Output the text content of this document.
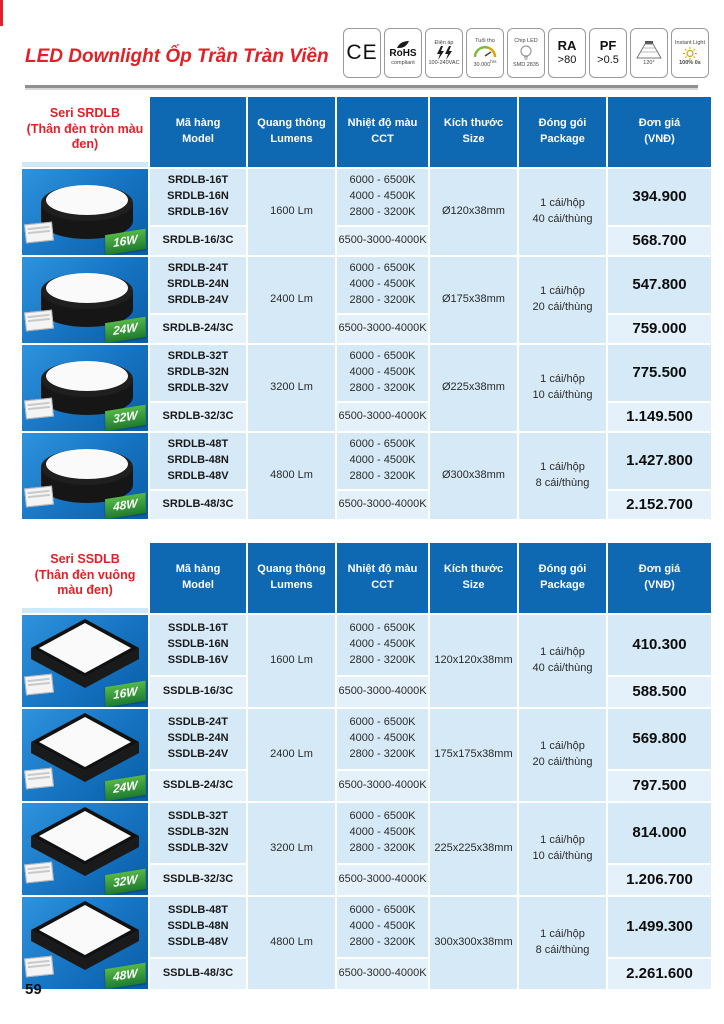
LED Downlight Ốp Trần Tràn Viền CE RoHS
compliant
Điện áp
100-240VAC
Tuổi thọ
$30.000^{hrs}$
Chip LED
SMD 2835
RA
>80
PF
>0.5	120°
Instant Light
100% 0s
Seri SRDLB
(Thân đèn tròn màu đen)
Mã hàng
Model
Quang thông
Lumens
Nhiệt độ màu
CCT
Kích thước
Size
Đóng gói
Package
Đơn giá
(VNĐ)
16W
SRDLB-16T
SRDLB-16N
SRDLB-16V
SRDLB-16/3C
1600 Lm
6000 - 6500K
4000 - 4500K
2800 - 3200K
6500-3000-4000K
Ø120x38mm
1 cái/hộp
40 cái/thùng
394.900
568.700
24W
SRDLB-24T
SRDLB-24N
SRDLB-24V
SRDLB-24/3C
2400 Lm
6000 - 6500K
4000 - 4500K
2800 - 3200K
6500-3000-4000K
Ø175x38mm
1 cái/hộp
20 cái/thùng
547.800
759.000
32W
SRDLB-32T
SRDLB-32N
SRDLB-32V
SRDLB-32/3C
3200 Lm
6000 - 6500K
4000 - 4500K
2800 - 3200K
6500-3000-4000K
Ø225x38mm
1 cái/hộp
10 cái/thùng
775.500
1.149.500
48W
SRDLB-48T
SRDLB-48N
SRDLB-48V
SRDLB-48/3C
4800 Lm
6000 - 6500K
4000 - 4500K
2800 - 3200K
6500-3000-4000K
Ø300x38mm
1 cái/hộp
8 cái/thùng
1.427.800
2.152.700
Seri SSDLB
(Thân đèn vuông màu đen)
Mã hàng
Model
Quang thông
Lumens
Nhiệt độ màu
CCT
Kích thước
Size
Đóng gói
Package
Đơn giá
(VNĐ)
16W
SSDLB-16T
SSDLB-16N
SSDLB-16V
SSDLB-16/3C
1600 Lm
6000 - 6500K
4000 - 4500K
2800 - 3200K
6500-3000-4000K
120x120x38mm
1 cái/hộp
40 cái/thùng
410.300
588.500
24W
SSDLB-24T
SSDLB-24N
SSDLB-24V
SSDLB-24/3C
2400 Lm
6000 - 6500K
4000 - 4500K
2800 - 3200K
6500-3000-4000K
175x175x38mm
1 cái/hộp
20 cái/thùng
569.800
797.500
32W
SSDLB-32T
SSDLB-32N
SSDLB-32V
SSDLB-32/3C
3200 Lm
6000 - 6500K
4000 - 4500K
2800 - 3200K
6500-3000-4000K
225x225x38mm
1 cái/hộp
10 cái/thùng
814.000
1.206.700
48W
SSDLB-48T
SSDLB-48N
SSDLB-48V
SSDLB-48/3C
4800 Lm
6000 - 6500K
4000 - 4500K
2800 - 3200K
6500-3000-4000K
300x300x38mm
1 cái/hộp
8 cái/thùng
1.499.300
2.261.600
59
